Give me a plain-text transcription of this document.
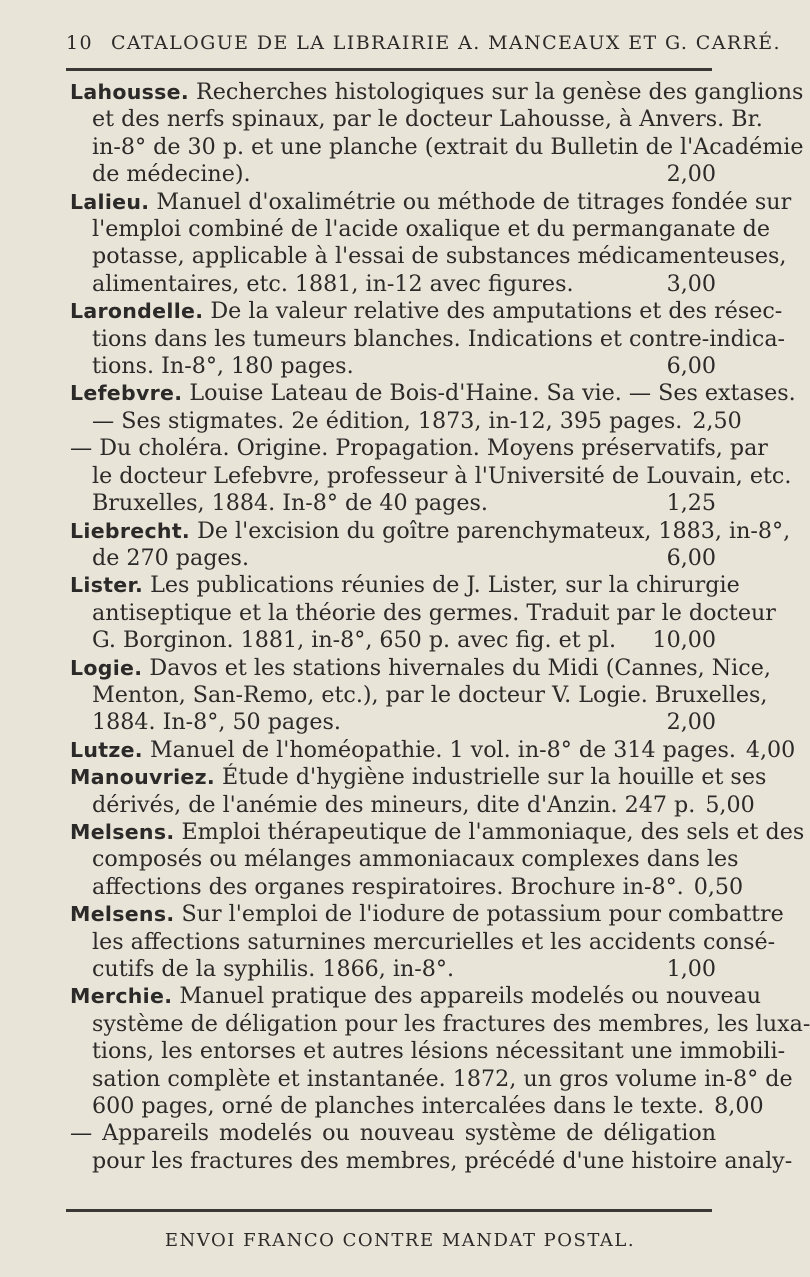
10 CATALOGUE DE LA LIBRAIRIE A. MANCEAUX ET G. CARRÉ.
Lahousse. Recherches histologiques sur la genèse des ganglions
et des nerfs spinaux, par le docteur Lahousse, à Anvers. Br.
in-8° de 30 p. et une planche (extrait du Bulletin de l'Académie
de médecine).	2,00
Lalieu. Manuel d'oxalimétrie ou méthode de titrages fondée sur
l'emploi combiné de l'acide oxalique et du permanganate de
potasse, applicable à l'essai de substances médicamenteuses,
alimentaires, etc. 1881, in-12 avec figures.	3,00
Larondelle. De la valeur relative des amputations et des résec-
tions dans les tumeurs blanches. Indications et contre-indica-
tions. In-8°, 180 pages.	6,00
Lefebvre. Louise Lateau de Bois-d'Haine. Sa vie. — Ses extases.
— Ses stigmates. 2e édition, 1873, in-12, 395 pages. 2,50
— Du choléra. Origine. Propagation. Moyens préservatifs, par
le docteur Lefebvre, professeur à l'Université de Louvain, etc.
Bruxelles, 1884. In-8° de 40 pages.	1,25
Liebrecht. De l'excision du goître parenchymateux, 1883, in-8°,
de 270 pages.	6,00
Lister. Les publications réunies de J. Lister, sur la chirurgie
antiseptique et la théorie des germes. Traduit par le docteur
G. Borginon. 1881, in-8°, 650 p. avec fig. et pl.	10,00
Logie. Davos et les stations hivernales du Midi (Cannes, Nice,
Menton, San-Remo, etc.), par le docteur V. Logie. Bruxelles,
1884. In-8°, 50 pages.	2,00
Lutze. Manuel de l'homéopathie. 1 vol. in-8° de 314 pages. 4,00
Manouvriez. Étude d'hygiène industrielle sur la houille et ses
dérivés, de l'anémie des mineurs, dite d'Anzin. 247 p. 5,00
Melsens. Emploi thérapeutique de l'ammoniaque, des sels et des
composés ou mélanges ammoniacaux complexes dans les
affections des organes respiratoires. Brochure in-8°. 0,50
Melsens. Sur l'emploi de l'iodure de potassium pour combattre
les affections saturnines mercurielles et les accidents consé-
cutifs de la syphilis. 1866, in-8°.	1,00
Merchie. Manuel pratique des appareils modelés ou nouveau
système de déligation pour les fractures des membres, les luxa-
tions, les entorses et autres lésions nécessitant une immobili-
sation complète et instantanée. 1872, un gros volume in-8° de
600 pages, orné de planches intercalées dans le texte. 8,00
— Appareils modelés ou nouveau système de déligation
pour les fractures des membres, précédé d'une histoire analy-
ENVOI FRANCO CONTRE MANDAT POSTAL.
